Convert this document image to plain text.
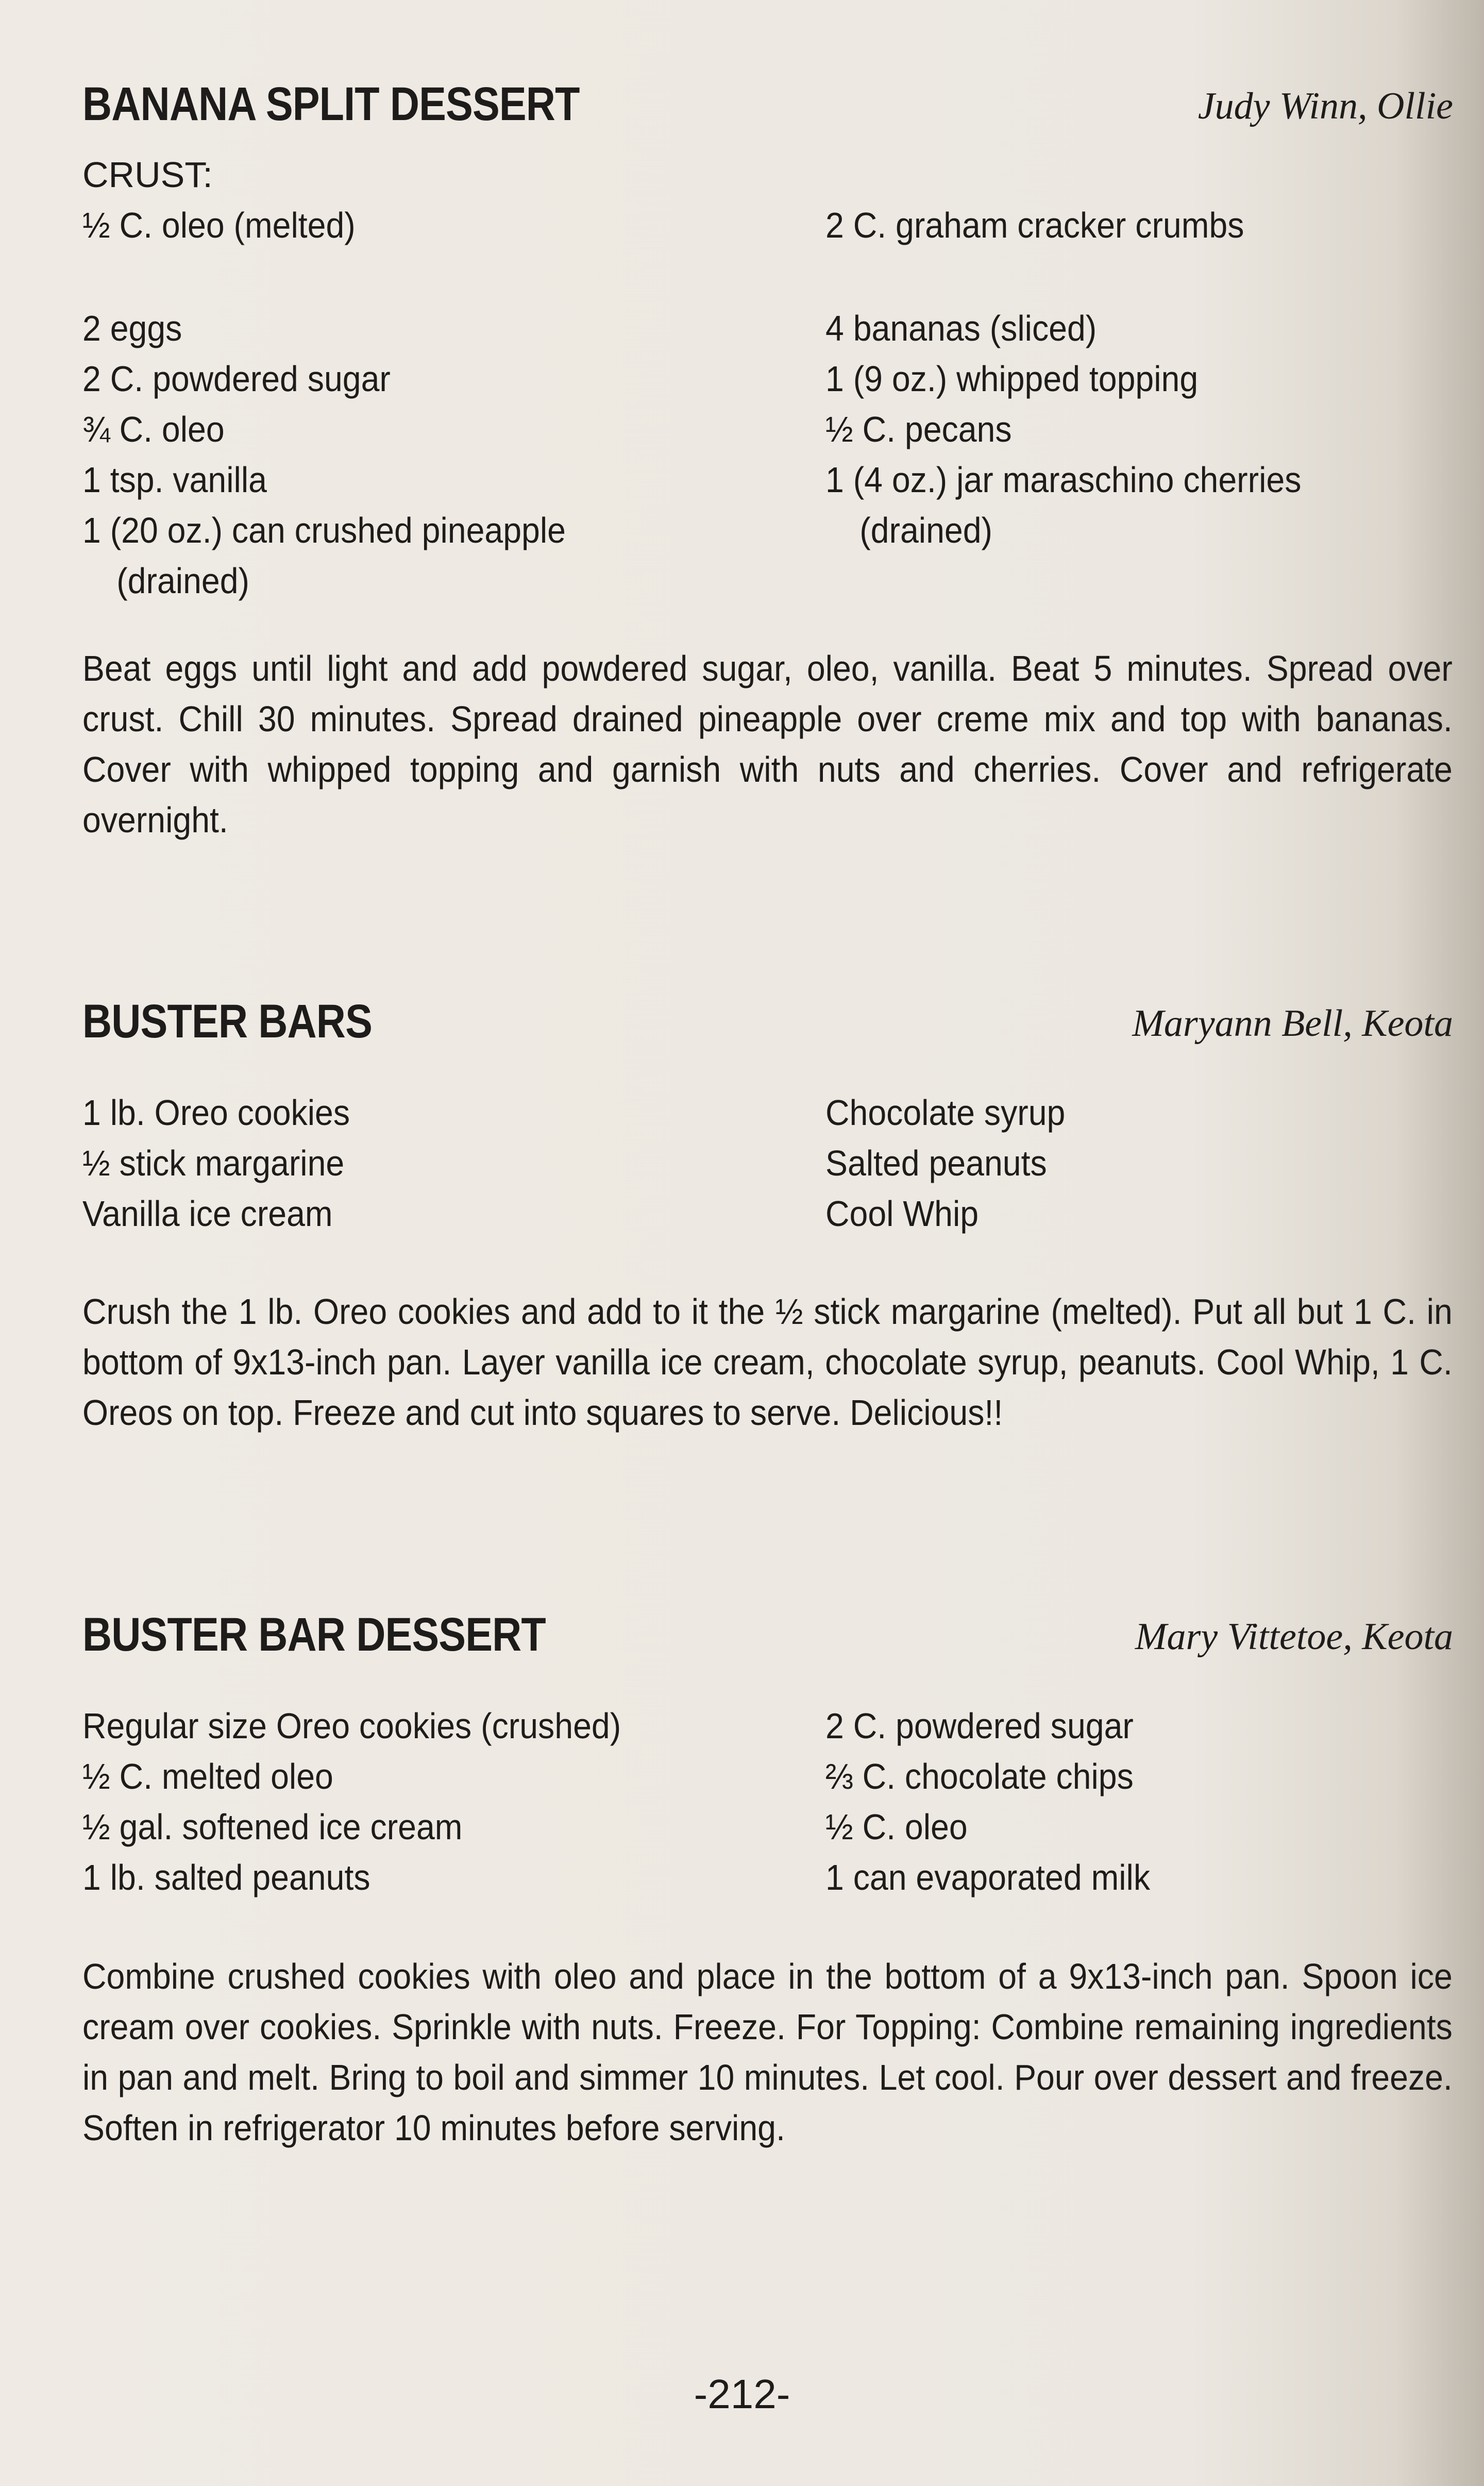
BANANA SPLIT DESSERT	Judy Winn, Ollie
CRUST:
½ C. oleo (melted)	2 C. graham cracker crumbs
2 eggs
2 C. powdered sugar
¾ C. oleo
1 tsp. vanilla
1 (20 oz.) can crushed pineapple
(drained)
4 bananas (sliced)
1 (9 oz.) whipped topping
½ C. pecans
1 (4 oz.) jar maraschino cherries
(drained)
Beat eggs until light and add powdered sugar, oleo, vanilla. Beat 5 minutes. Spread over crust. Chill 30 minutes. Spread drained pineapple over creme mix and top with bananas. Cover with whipped topping and garnish with nuts and cherries. Cover and refrigerate overnight.
BUSTER BARS	Maryann Bell, Keota
1 lb. Oreo cookies
½ stick margarine
Vanilla ice cream
Chocolate syrup
Salted peanuts
Cool Whip
Crush the 1 lb. Oreo cookies and add to it the ½ stick margarine (melted). Put all but 1 C. in bottom of 9x13-inch pan. Layer vanilla ice cream, chocolate syrup, peanuts. Cool Whip, 1 C. Oreos on top. Freeze and cut into squares to serve. Delicious!!
BUSTER BAR DESSERT	Mary Vittetoe, Keota
Regular size Oreo cookies (crushed)
½ C. melted oleo
½ gal. softened ice cream
1 lb. salted peanuts
2 C. powdered sugar
⅔ C. chocolate chips
½ C. oleo
1 can evaporated milk
Combine crushed cookies with oleo and place in the bottom of a 9x13-inch pan. Spoon ice cream over cookies. Sprinkle with nuts. Freeze. For Topping: Combine remaining ingredients in pan and melt. Bring to boil and simmer 10 minutes. Let cool. Pour over dessert and freeze. Soften in refrigerator 10 minutes before serving.
-212-
